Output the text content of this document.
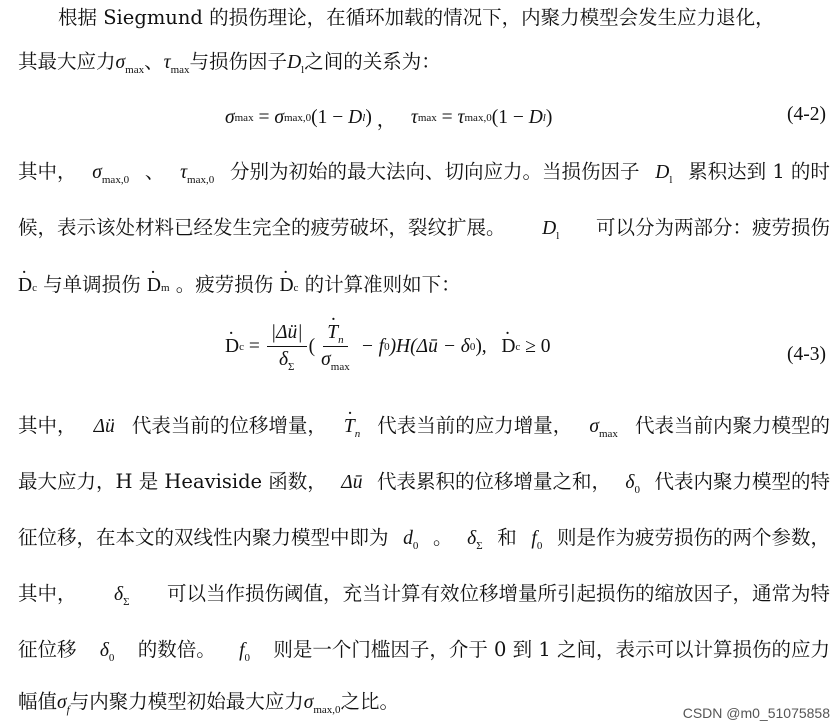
根据 Siegmund 的损伤理论，在循环加载的情况下，内聚力模型会发生应力退化，
其最大应力 $\sigma_{max}$ 、 $\tau_{max}$ 与损伤因子 $D_l$ 之间的关系为：
σ max = σ max,0 (1 − D l ) ， τ max = τ max,0 (1 − D l )	(4-2)
其中， $\sigma_{max,0}$ 、 $\tau_{max,0}$ 分别为初始的最大法向、切向应力。当损伤因子 $D_l$ 累积达到 1 的时
候，表示该处材料已经发生完全的疲劳破坏，裂纹扩展。 $D_l$ 可以分为两部分：疲劳损伤
D · c 与单调损伤 D · m 。疲劳损伤 D · c 的计算准则如下：
$D \cdot c = \frac{|\Delta ü|}{\delta_\Sigma}$ ( $\frac{T \cdot_n}{\sigma_{max}} - f$ 0 )H(Δū − δ 0 ), D · c ≥ 0	(4-3)
其中， Δü 代表当前的位移增量， $T \cdot_n$ 代表当前的应力增量， $\sigma_{max}$ 代表当前内聚力模型的
最大应力，H 是 Heaviside 函数， Δū 代表累积的位移增量之和， $\delta_0$ 代表内聚力模型的特
征位移，在本文的双线性内聚力模型中即为 $d_0$ 。 $\delta_\Sigma$ 和 $f_0$ 则是作为疲劳损伤的两个参数，
其中， $\delta_\Sigma$ 可以当作损伤阈值，充当计算有效位移增量所引起损伤的缩放因子，通常为特
征位移 $\delta_0$ 的数倍。 $f_0$ 则是一个门槛因子，介于 0 到 1 之间，表示可以计算损伤的应力
幅值 $\sigma_f$ 与内聚力模型初始最大应力 $\sigma_{max,0}$ 之比。	CSDN @m0_51075858
